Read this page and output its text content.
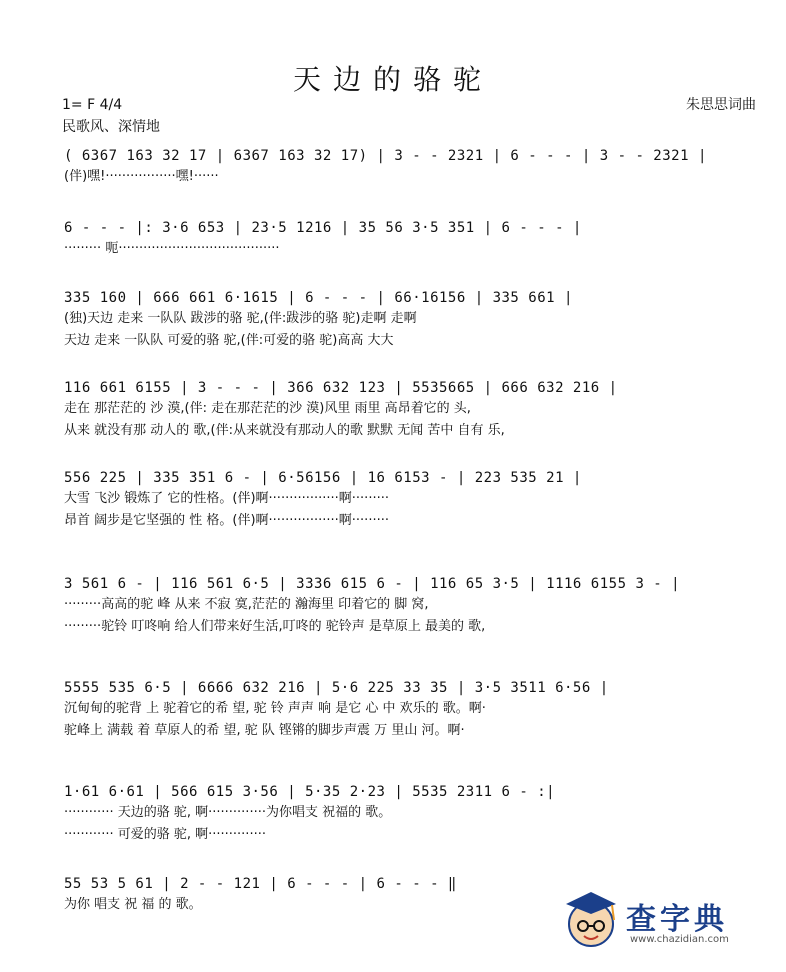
天边的骆驼
1= F 4/4
民歌风、深情地
朱思思词曲
( 6367 163 32 17 | 6367 163 32 17) | 3 - - 2321 | 6 - - - | 3 - - 2321 |
(伴)嘿!·················嘿!······
6 - - - |: 3·6 653 | 23·5 1216 | 35 56 3·5 351 | 6 - - - |
········· 呃·······································
335 160 | 666 661 6·1615 | 6 - - - | 66·16156 | 335 661 |
(独)天边 走来 一队队 跋涉的骆 驼,(伴:跋涉的骆 驼)走啊 走啊
天边 走来 一队队 可爱的骆 驼,(伴:可爱的骆 驼)高高 大大
116 661 6155 | 3 - - - | 366 632 123 | 5535665 | 666 632 216 |
走在 那茫茫的 沙 漠,(伴: 走在那茫茫的沙 漠)风里 雨里 高昂着它的 头,
从来 就没有那 动人的 歌,(伴:从来就没有那动人的歌 默默 无闻 苦中 自有 乐,
556 225 | 335 351 6 - | 6·56156 | 16 6153 - | 223 535 21 |
大雪 飞沙 锻炼了 它的性格。(伴)啊·················啊·········
昂首 阔步是它坚强的 性 格。(伴)啊·················啊·········
3 561 6 - | 116 561 6·5 | 3336 615 6 - | 116 65 3·5 | 1116 6155 3 - |
·········高高的驼 峰 从来 不寂 寞,茫茫的 瀚海里 印着它的 脚 窝,
·········驼铃 叮咚响 给人们带来好生活,叮咚的 驼铃声 是草原上 最美的 歌,
5555 535 6·5 | 6666 632 216 | 5·6 225 33 35 | 3·5 3511 6·56 |
沉甸甸的驼背 上 驼着它的希 望, 驼 铃 声声 响 是它 心 中 欢乐的 歌。啊·
驼峰上 满载 着 草原人的希 望, 驼 队 铿锵的脚步声震 万 里山 河。啊·
1·61 6·61 | 566 615 3·56 | 5·35 2·23 | 5535 2311 6 - :|
············ 天边的骆 驼, 啊··············为你唱支 祝福的 歌。
············ 可爱的骆 驼, 啊··············
55 53 5 61 | 2 - - 121 | 6 - - - | 6 - - - ‖
为你 唱支 祝 福 的 歌。	查字典
www.chazidian.com
